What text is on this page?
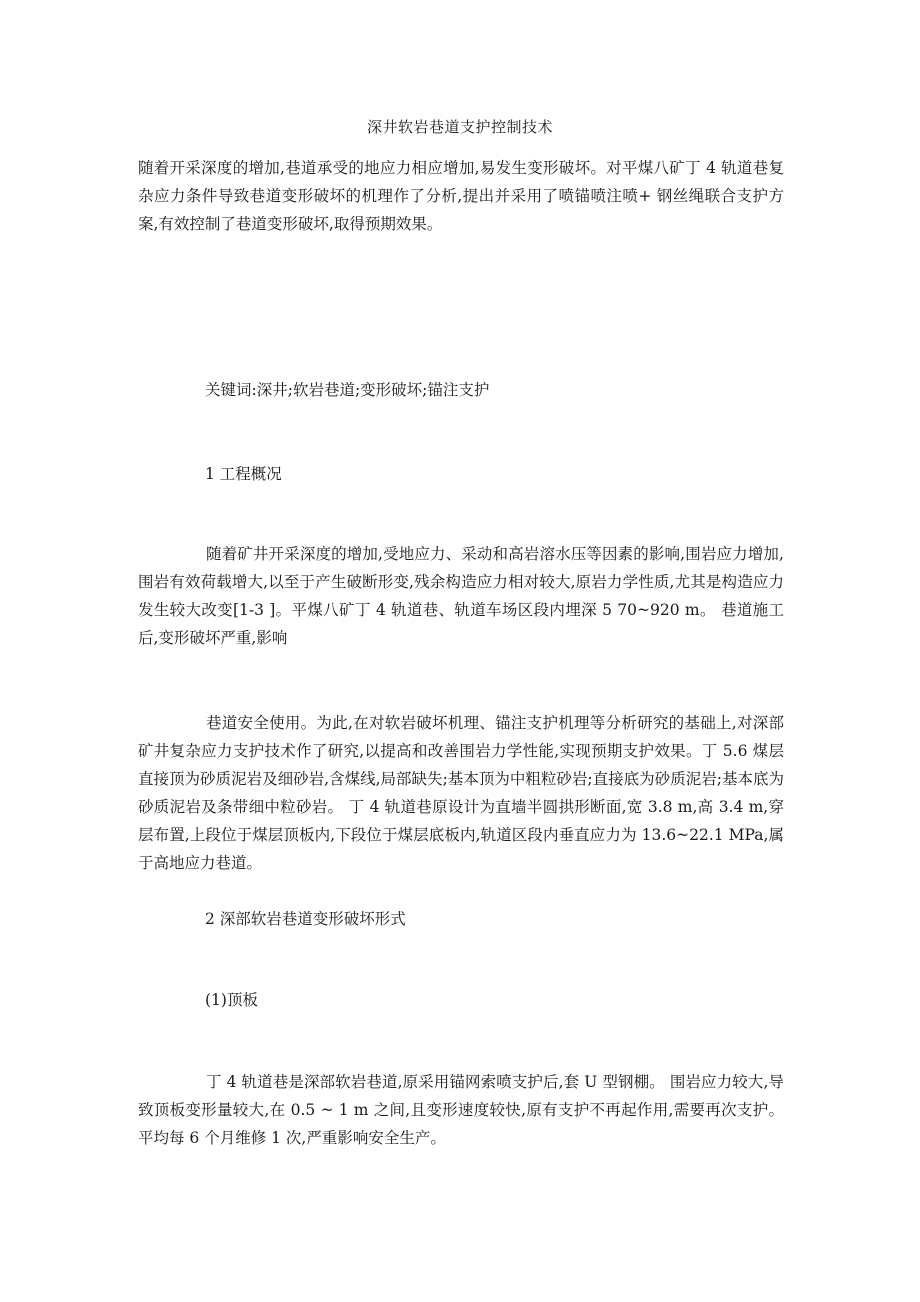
深井软岩巷道支护控制技术

随着开采深度的增加,巷道承受的地应力相应增加,易发生变形破坏。对平煤八矿丁 4 轨道巷复杂应力条件导致巷道变形破坏的机理作了分析,提出并采用了喷锚喷注喷+ 钢丝绳联合支护方案,有效控制了巷道变形破坏,取得预期效果。

关键词:深井;软岩巷道;变形破坏;锚注支护

1 工程概况

随着矿井开采深度的增加,受地应力、采动和高岩溶水压等因素的影响,围岩应力增加,围岩有效荷载增大,以至于产生破断形变,残余构造应力相对较大,原岩力学性质,尤其是构造应力发生较大改变[1-3 ]。平煤八矿丁 4 轨道巷、轨道车场区段内埋深 5 70~920 m。 巷道施工后,变形破坏严重,影响

巷道安全使用。为此,在对软岩破坏机理、锚注支护机理等分析研究的基础上,对深部矿井复杂应力支护技术作了研究,以提高和改善围岩力学性能,实现预期支护效果。丁 5.6 煤层直接顶为砂质泥岩及细砂岩,含煤线,局部缺失;基本顶为中粗粒砂岩;直接底为砂质泥岩;基本底为砂质泥岩及条带细中粒砂岩。 丁 4 轨道巷原设计为直墙半圆拱形断面,宽 3.8 m,高 3.4 m,穿层布置,上段位于煤层顶板内,下段位于煤层底板内,轨道区段内垂直应力为 13.6~22.1 MPa,属于高地应力巷道。

2 深部软岩巷道变形破坏形式

(1)顶板

丁 4 轨道巷是深部软岩巷道,原采用锚网索喷支护后,套 U 型钢棚。 围岩应力较大,导致顶板变形量较大,在 0.5 ~ 1 m 之间,且变形速度较快,原有支护不再起作用,需要再次支护。平均每 6 个月维修 1 次,严重影响安全生产。
